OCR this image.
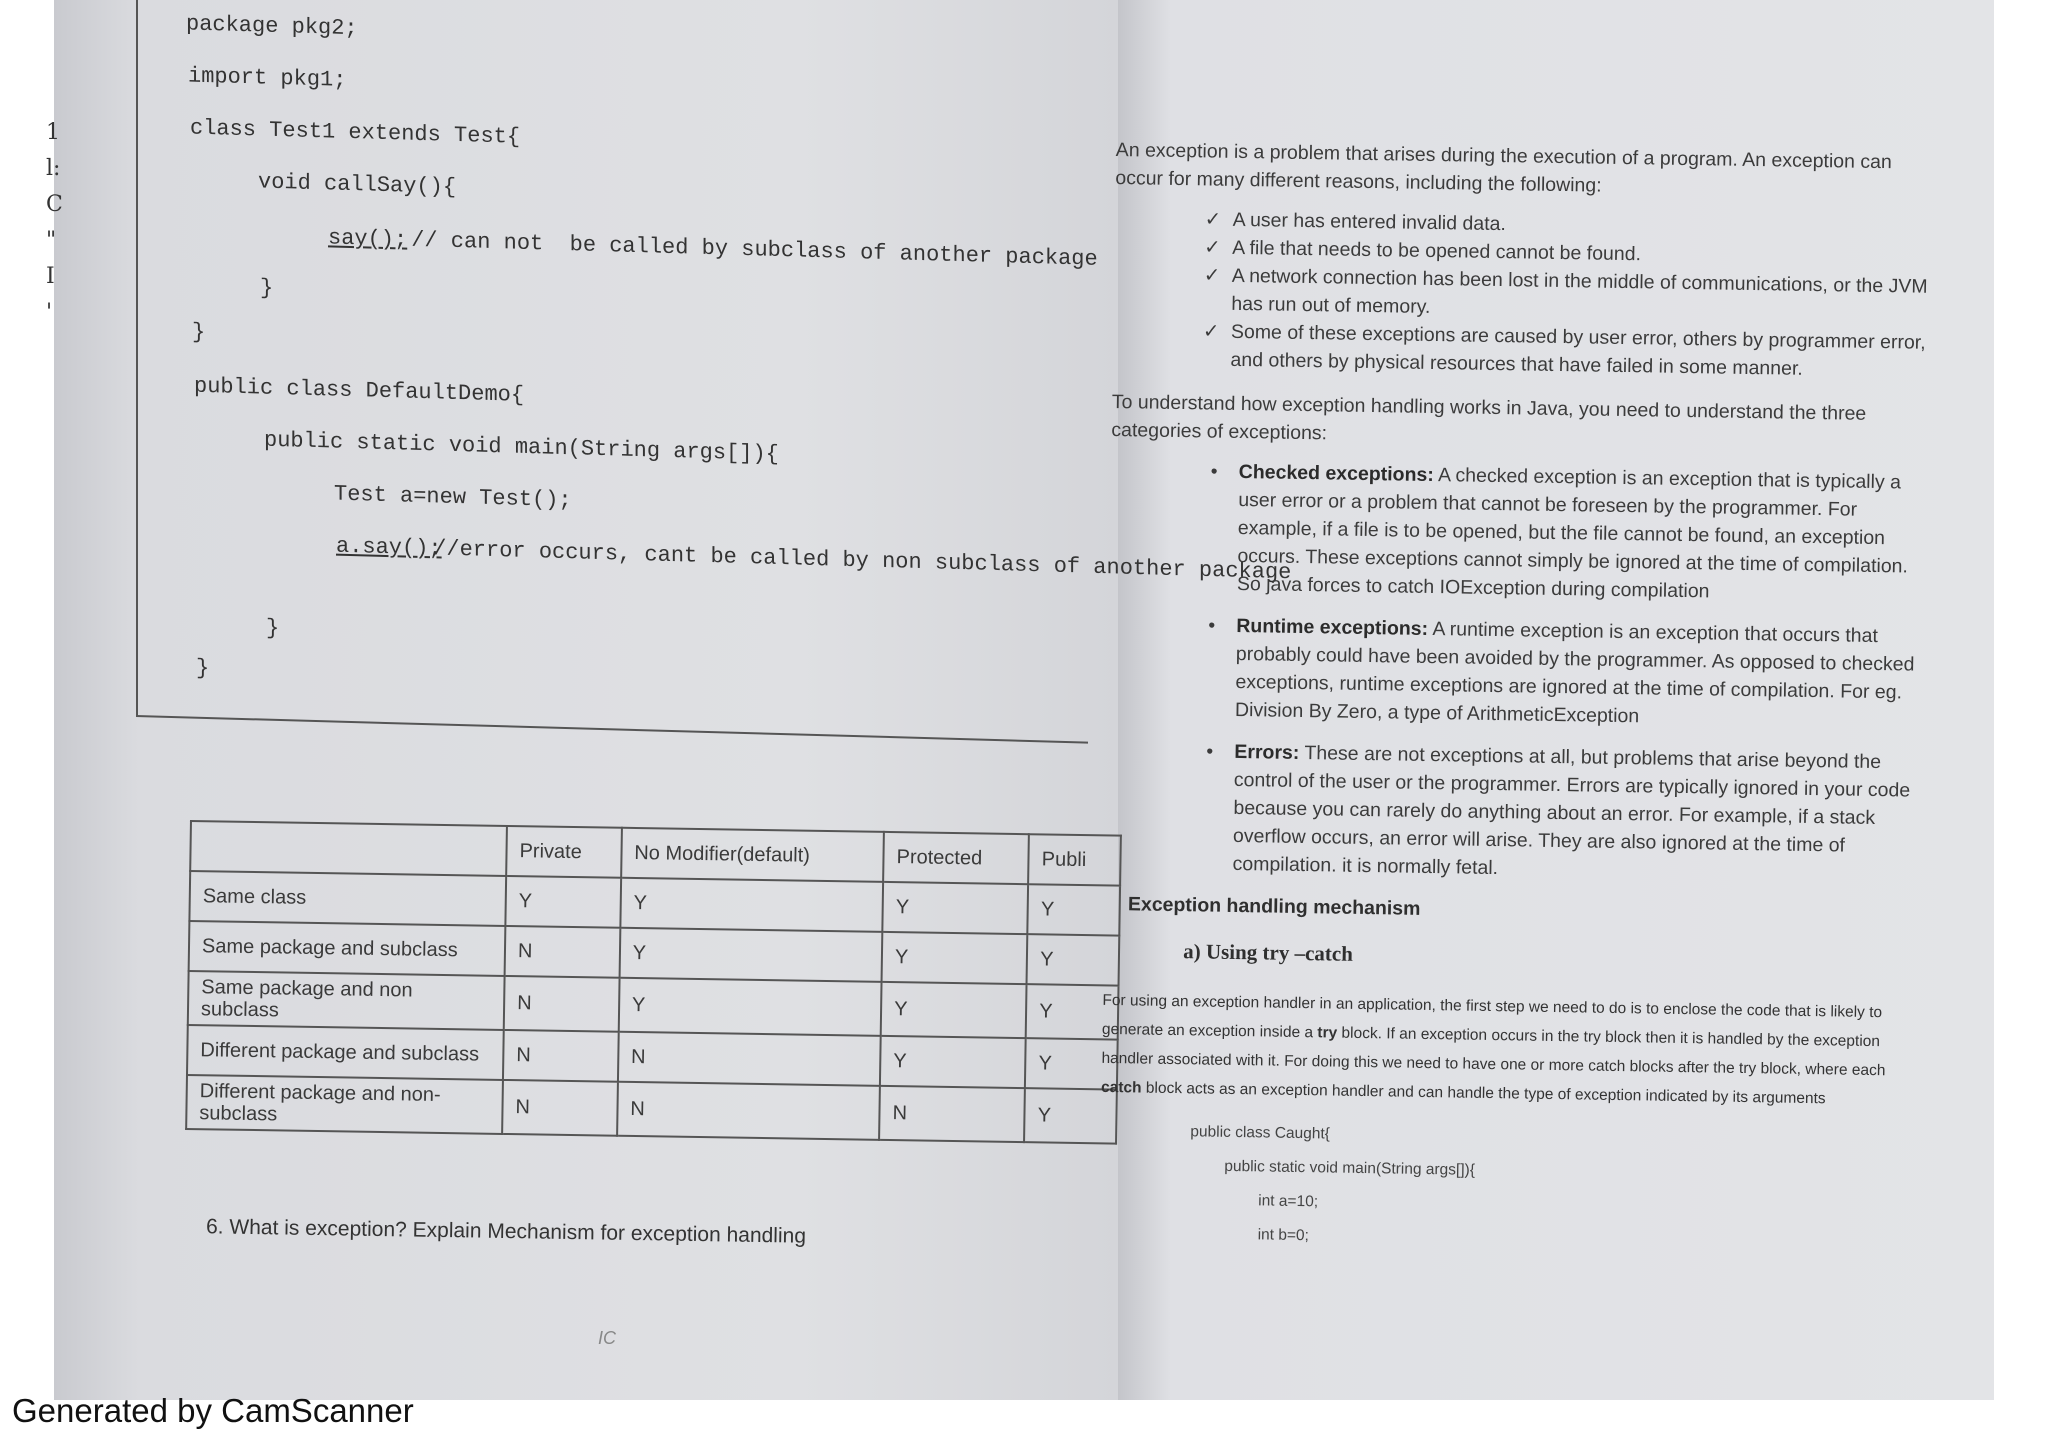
1
l:
C
"
I
'
package pkg2;
import pkg1;
class Test1 extends Test{
void callSay(){
say();
// can not  be called by subclass of another package
}
}
public class DefaultDemo{
public static void main(String args[]){
Test a=new Test();
a.say();
//error occurs, cant be called by non subclass of another package
}
}
	Private	No Modifier(default)	Protected	Publi
Same class	Y	Y	Y	Y
Same package and subclass	N	Y	Y	Y
Same package and non subclass	N	Y	Y	Y
Different package and subclass	N	N	Y	Y
Different package and non-subclass	N	N	N	Y
6. What is exception? Explain Mechanism for exception handling
IC

An exception is a problem that arises during the execution of a program. An exception can occur for many different reasons, including the following:

✓ A user has entered invalid data.
✓ A file that needs to be opened cannot be found.
✓ A network connection has been lost in the middle of communications, or the JVM has run out of memory.
✓ Some of these exceptions are caused by user error, others by programmer error, and others by physical resources that have failed in some manner.

To understand how exception handling works in Java, you need to understand the three categories of exceptions:

• Checked exceptions: A checked exception is an exception that is typically a user error or a problem that cannot be foreseen by the programmer. For example, if a file is to be opened, but the file cannot be found, an exception occurs. These exceptions cannot simply be ignored at the time of compilation. So java forces to catch IOException during compilation
• Runtime exceptions: A runtime exception is an exception that occurs that probably could have been avoided by the programmer. As opposed to checked exceptions, runtime exceptions are ignored at the time of compilation. For eg. Division By Zero, a type of ArithmeticException
• Errors: These are not exceptions at all, but problems that arise beyond the control of the user or the programmer. Errors are typically ignored in your code because you can rarely do anything about an error. For example, if a stack overflow occurs, an error will arise. They are also ignored at the time of compilation. it is normally fetal.
Exception handling mechanism
a) Using try –catch

For using an exception handler in an application, the first step we need to do is to enclose the code that is likely to generate an exception inside a try block. If an exception occurs in the try block then it is handled by the exception handler associated with it. For doing this we need to have one or more catch blocks after the try block, where each catch block acts as an exception handler and can handle the type of exception indicated by its arguments

public class Caught{
public static void main(String args[]){
int a=10;
int b=0;
Generated by CamScanner
